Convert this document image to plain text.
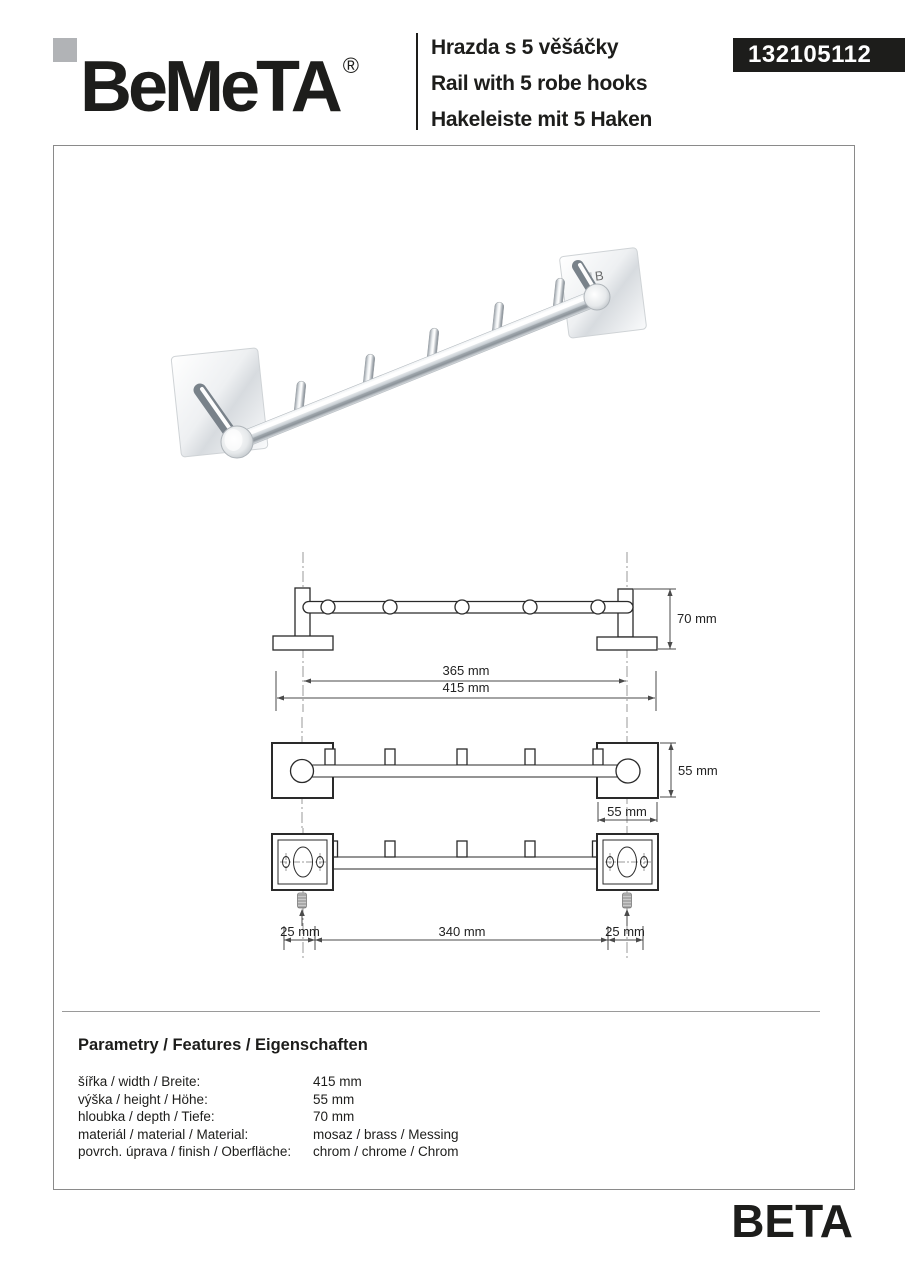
BeMeTA ®
Hrazda s 5 věšáčky
Rail with 5 robe hooks
Hakeleiste mit 5 Haken
132105112
B
70 mm
365 mm
415 mm
55 mm
55 mm
25 mm	340 mm	25 mm
Parametry / Features / Eigenschaften
šířka / width / Breite:	415 mm
výška / height / Höhe:	55 mm
hloubka / depth / Tiefe:	70 mm
materiál / material / Material:	mosaz / brass / Messing
povrch. úprava / finish / Oberfläche:	chrom / chrome / Chrom
BETA
